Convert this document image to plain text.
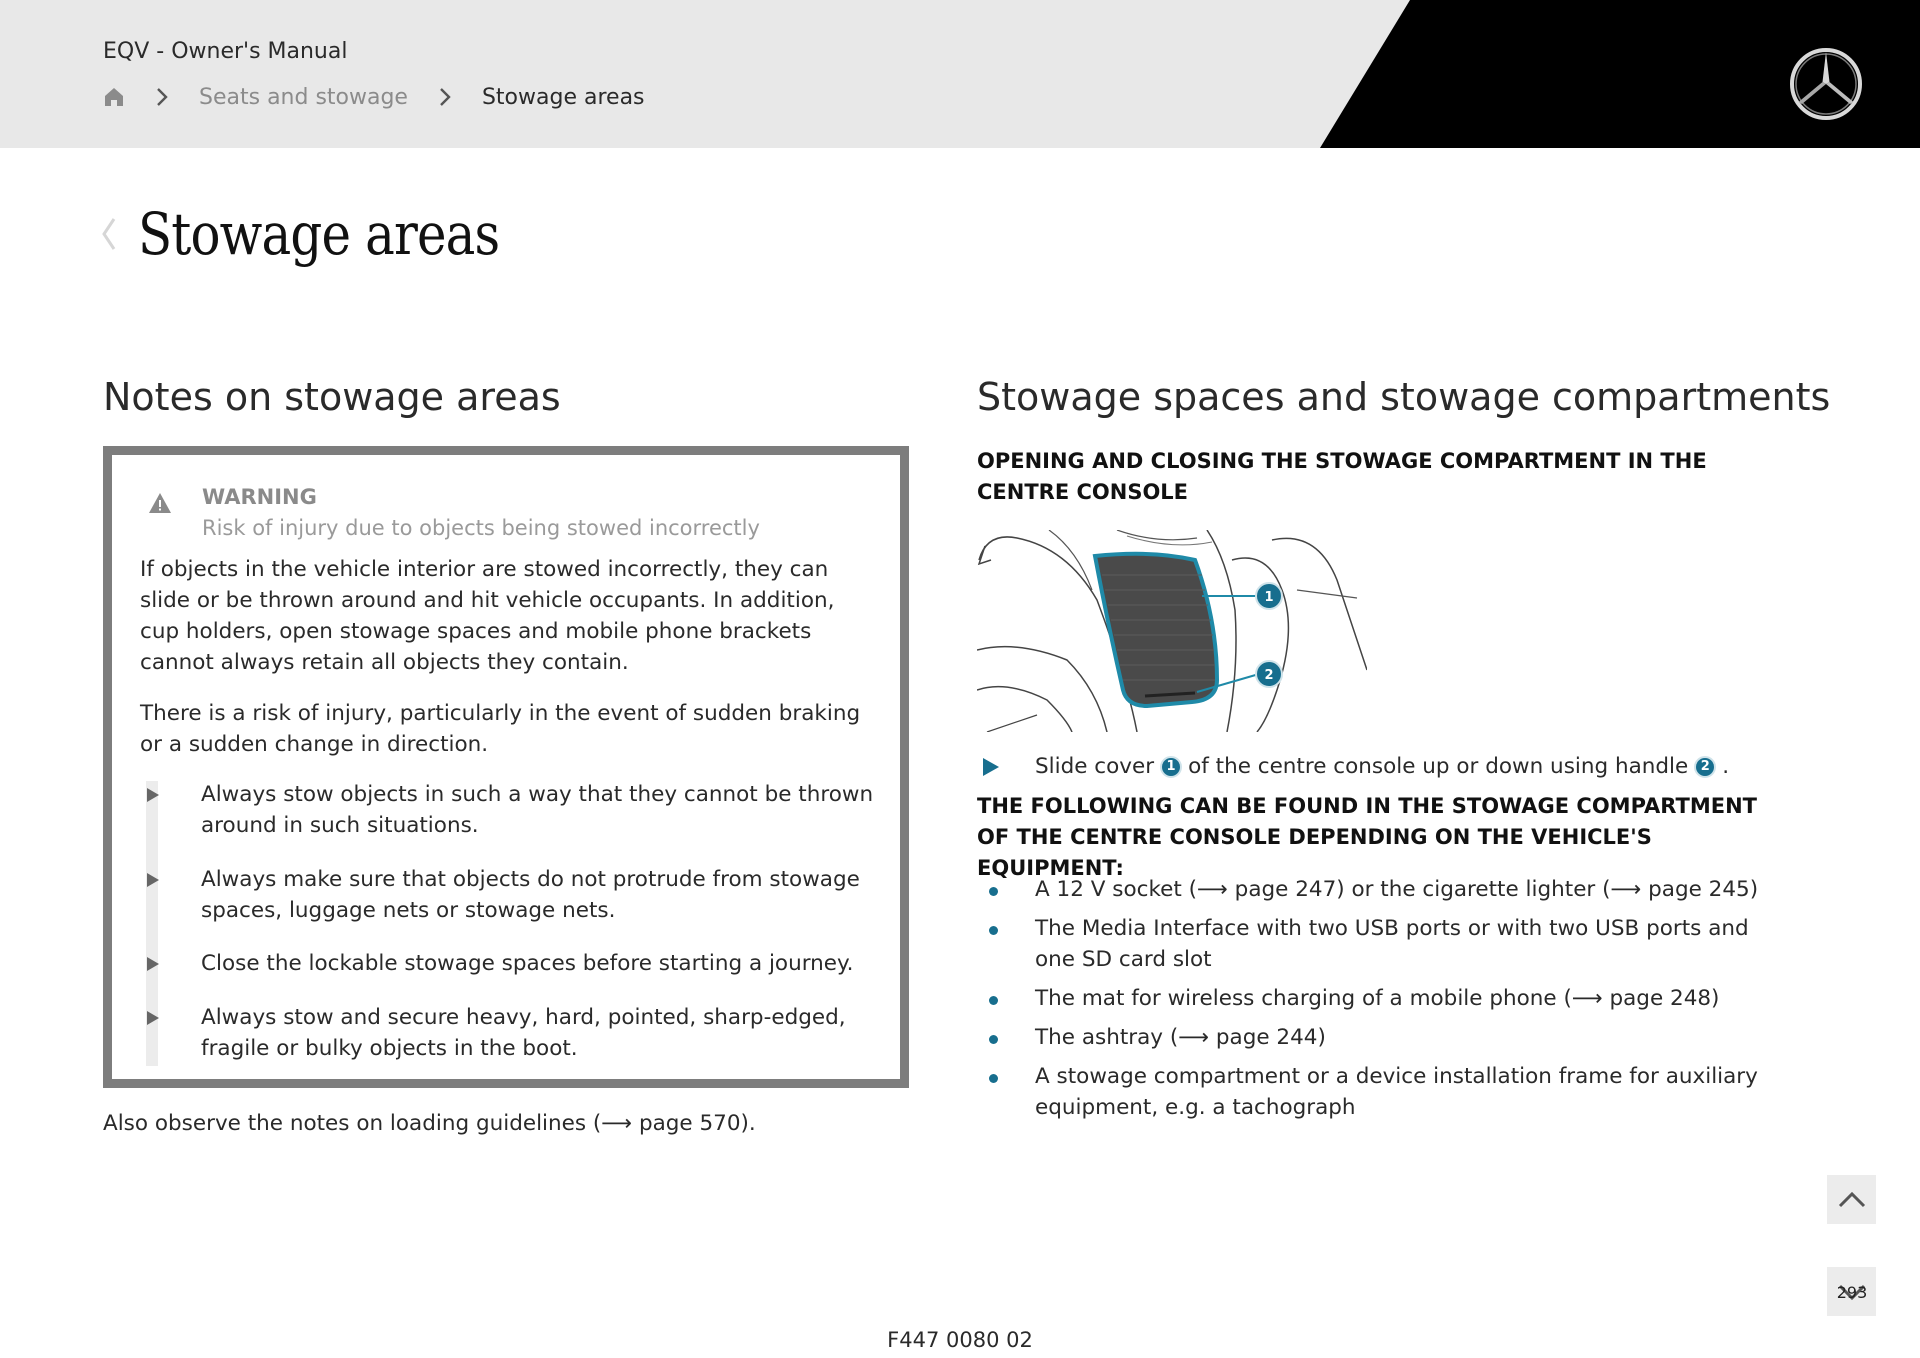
EQV - Owner's Manual
Seats and stowage	Stowage areas
Stowage areas
Notes on stowage areas
WARNING
Risk of injury due to objects being stowed incorrectly

If objects in the vehicle interior are stowed incorrectly, they can slide or be thrown around and hit vehicle occupants. In addition, cup holders, open stowage spaces and mobile phone brackets cannot always retain all objects they contain.

There is a risk of injury, particularly in the event of sudden braking or a sudden change in direction.

Always stow objects in such a way that they cannot be thrown around in such situations.
Always make sure that objects do not protrude from stowage spaces, luggage nets or stowage nets.
Close the lockable stowage spaces before starting a journey.
Always stow and secure heavy, hard, pointed, sharp-edged, fragile or bulky objects in the boot.

Also observe the notes on loading guidelines (⟶ page 570).

Stowage spaces and stowage compartments
OPENING AND CLOSING THE STOWAGE COMPARTMENT IN THE CENTRE CONSOLE
1
2
Slide cover 1 of the centre console up or down using handle 2 .
THE FOLLOWING CAN BE FOUND IN THE STOWAGE COMPARTMENT OF THE CENTRE CONSOLE DEPENDING ON THE VEHICLE'S EQUIPMENT:
A 12 V socket (⟶ page 247) or the cigarette lighter (⟶ page 245)
The Media Interface with two USB ports or with two USB ports and one SD card slot
The mat for wireless charging of a mobile phone (⟶ page 248)
The ashtray (⟶ page 244)
A stowage compartment or a device installation frame for auxiliary equipment, e.g. a tachograph
293
F447 0080 02
